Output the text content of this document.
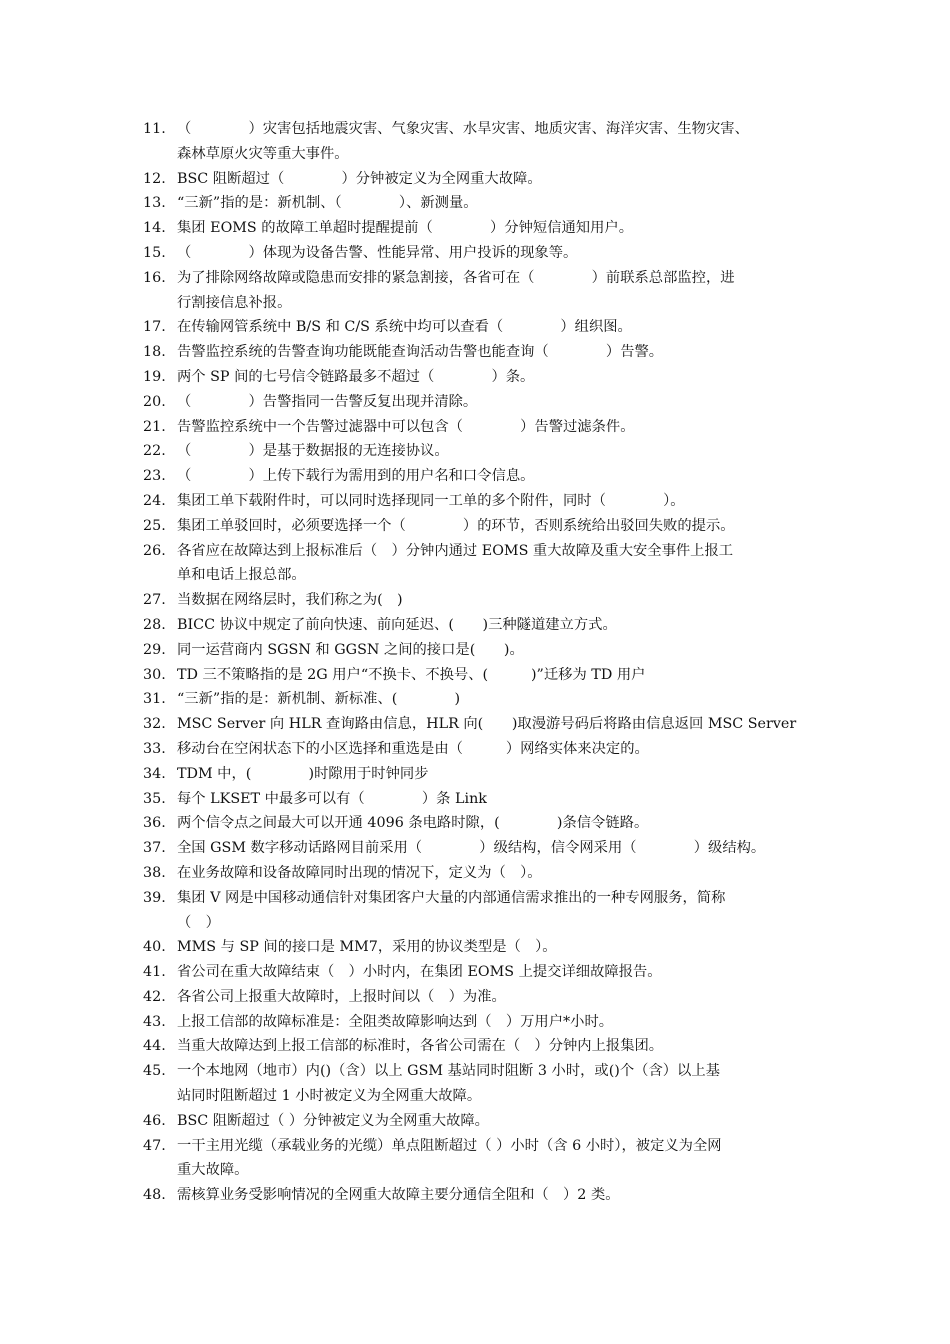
11. （　　　　）灾害包括地震灾害、气象灾害、水旱灾害、地质灾害、海洋灾害、生物灾害、
森林草原火灾等重大事件。
12. BSC 阻断超过（　　　　）分钟被定义为全网重大故障。
13. “三新”指的是：新机制、（　　　　）、新测量。
14. 集团 EOMS 的故障工单超时提醒提前（　　　　）分钟短信通知用户。
15. （　　　　）体现为设备告警、性能异常、用户投诉的现象等。
16. 为了排除网络故障或隐患而安排的紧急割接，各省可在（　　　　）前联系总部监控，进
行割接信息补报。
17. 在传输网管系统中 B/S 和 C/S 系统中均可以查看（　　　　）组织图。
18. 告警监控系统的告警查询功能既能查询活动告警也能查询（　　　　）告警。
19. 两个 SP 间的七号信令链路最多不超过（　　　　）条。
20. （　　　　）告警指同一告警反复出现并清除。
21. 告警监控系统中一个告警过滤器中可以包含（　　　　）告警过滤条件。
22. （　　　　）是基于数据报的无连接协议。
23. （　　　　）上传下载行为需用到的用户名和口令信息。
24. 集团工单下载附件时，可以同时选择现同一工单的多个附件，同时（　　　　）。
25. 集团工单驳回时，必须要选择一个（　　　　）的环节，否则系统给出驳回失败的提示。
26. 各省应在故障达到上报标准后（　）分钟内通过 EOMS 重大故障及重大安全事件上报工
单和电话上报总部。
27. 当数据在网络层时，我们称之为(　)
28. BICC 协议中规定了前向快速、前向延迟、(　　)三种隧道建立方式。
29. 同一运营商内 SGSN 和 GGSN 之间的接口是(　　)。
30. TD 三不策略指的是 2G 用户“不换卡、不换号、(　　　)”迁移为 TD 用户
31. “三新”指的是：新机制、新标准、(　　　　)
32. MSC Server 向 HLR 查询路由信息，HLR 向(　　)取漫游号码后将路由信息返回 MSC Server
33. 移动台在空闲状态下的小区选择和重选是由（　　　）网络实体来决定的。
34. TDM 中，(　　　　)时隙用于时钟同步
35. 每个 LKSET 中最多可以有（　　　　）条 Link
36. 两个信令点之间最大可以开通 4096 条电路时隙，(　　　　)条信令链路。
37. 全国 GSM 数字移动话路网目前采用（　　　　）级结构，信令网采用（　　　　）级结构。
38. 在业务故障和设备故障同时出现的情况下，定义为（　）。
39. 集团 V 网是中国移动通信针对集团客户大量的内部通信需求推出的一种专网服务，简称
（　）
40. MMS 与 SP 间的接口是 MM7，采用的协议类型是（　）。
41. 省公司在重大故障结束（　）小时内，在集团 EOMS 上提交详细故障报告。
42. 各省公司上报重大故障时，上报时间以（　）为准。
43. 上报工信部的故障标准是：全阻类故障影响达到（　）万用户*小时。
44. 当重大故障达到上报工信部的标准时，各省公司需在（　）分钟内上报集团。
45. 一个本地网（地市）内()（含）以上 GSM 基站同时阻断 3 小时，或()个（含）以上基
站同时阻断超过 1 小时被定义为全网重大故障。
46. BSC 阻断超过（ ）分钟被定义为全网重大故障。
47. 一干主用光缆（承载业务的光缆）单点阻断超过（ ）小时（含 6 小时），被定义为全网
重大故障。
48. 需核算业务受影响情况的全网重大故障主要分通信全阻和（　）2 类。
